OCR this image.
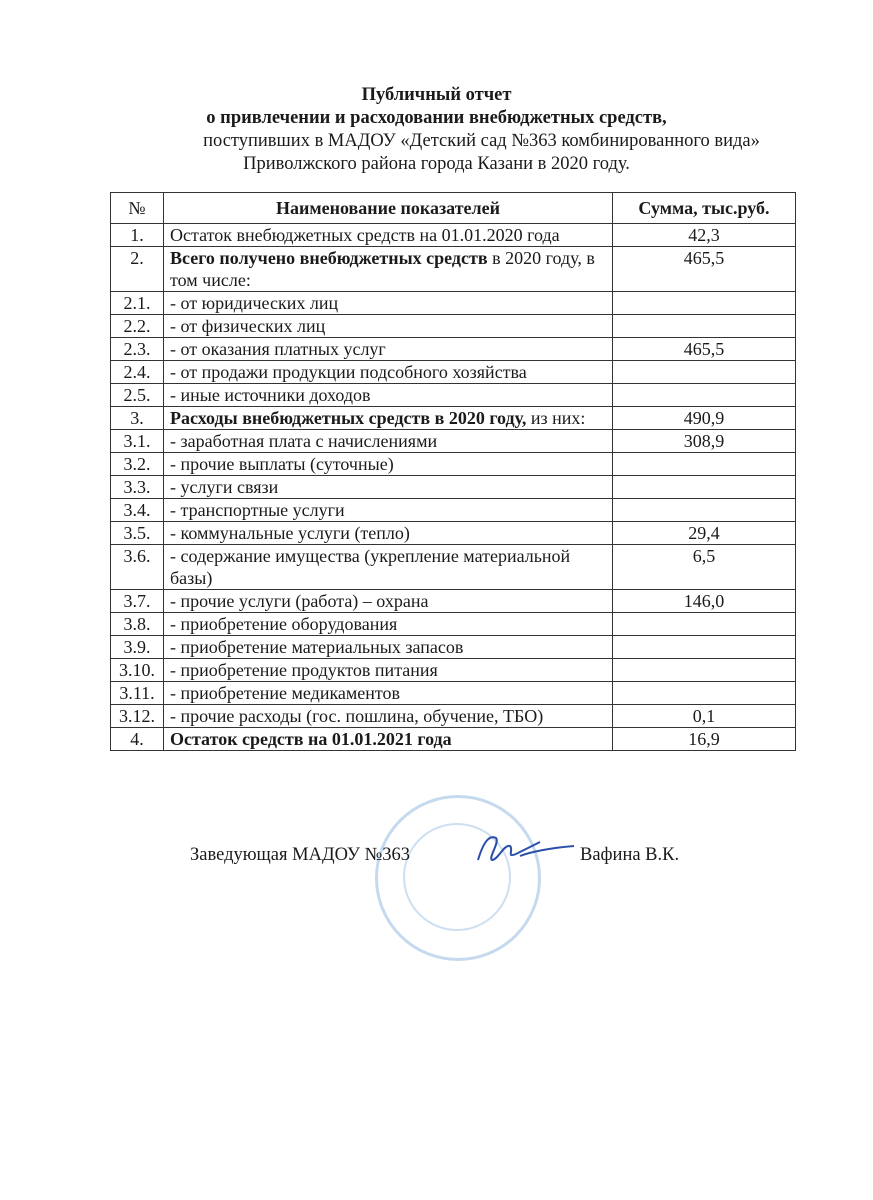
Публичный отчет
о привлечении и расходовании внебюджетных средств,
поступивших в МАДОУ «Детский сад №363 комбинированного вида»
Приволжского района города Казани в 2020 году.
№	Наименование показателей	Сумма, тыс.руб.
1.	Остаток внебюджетных средств на 01.01.2020 года	42,3
2.	Всего получено внебюджетных средств в 2020 году, в том числе:	465,5
2.1.	- от юридических лиц	
2.2.	- от физических лиц	
2.3.	- от оказания платных услуг	465,5
2.4.	- от продажи продукции подсобного хозяйства	
2.5.	- иные источники доходов	
3.	Расходы внебюджетных средств в 2020 году, из них:	490,9
3.1.	- заработная плата с начислениями	308,9
3.2.	- прочие выплаты (суточные)	
3.3.	- услуги связи	
3.4.	- транспортные услуги	
3.5.	- коммунальные услуги (тепло)	29,4
3.6.	- содержание имущества (укрепление материальной базы)	6,5
3.7.	- прочие услуги (работа) – охрана	146,0
3.8.	- приобретение оборудования	
3.9.	- приобретение материальных запасов	
3.10.	- приобретение продуктов питания	
3.11.	- приобретение медикаментов	
3.12.	- прочие расходы (гос. пошлина, обучение, ТБО)	0,1
4.	Остаток средств на 01.01.2021 года	16,9
Заведующая МАДОУ №363	Вафина В.К.
